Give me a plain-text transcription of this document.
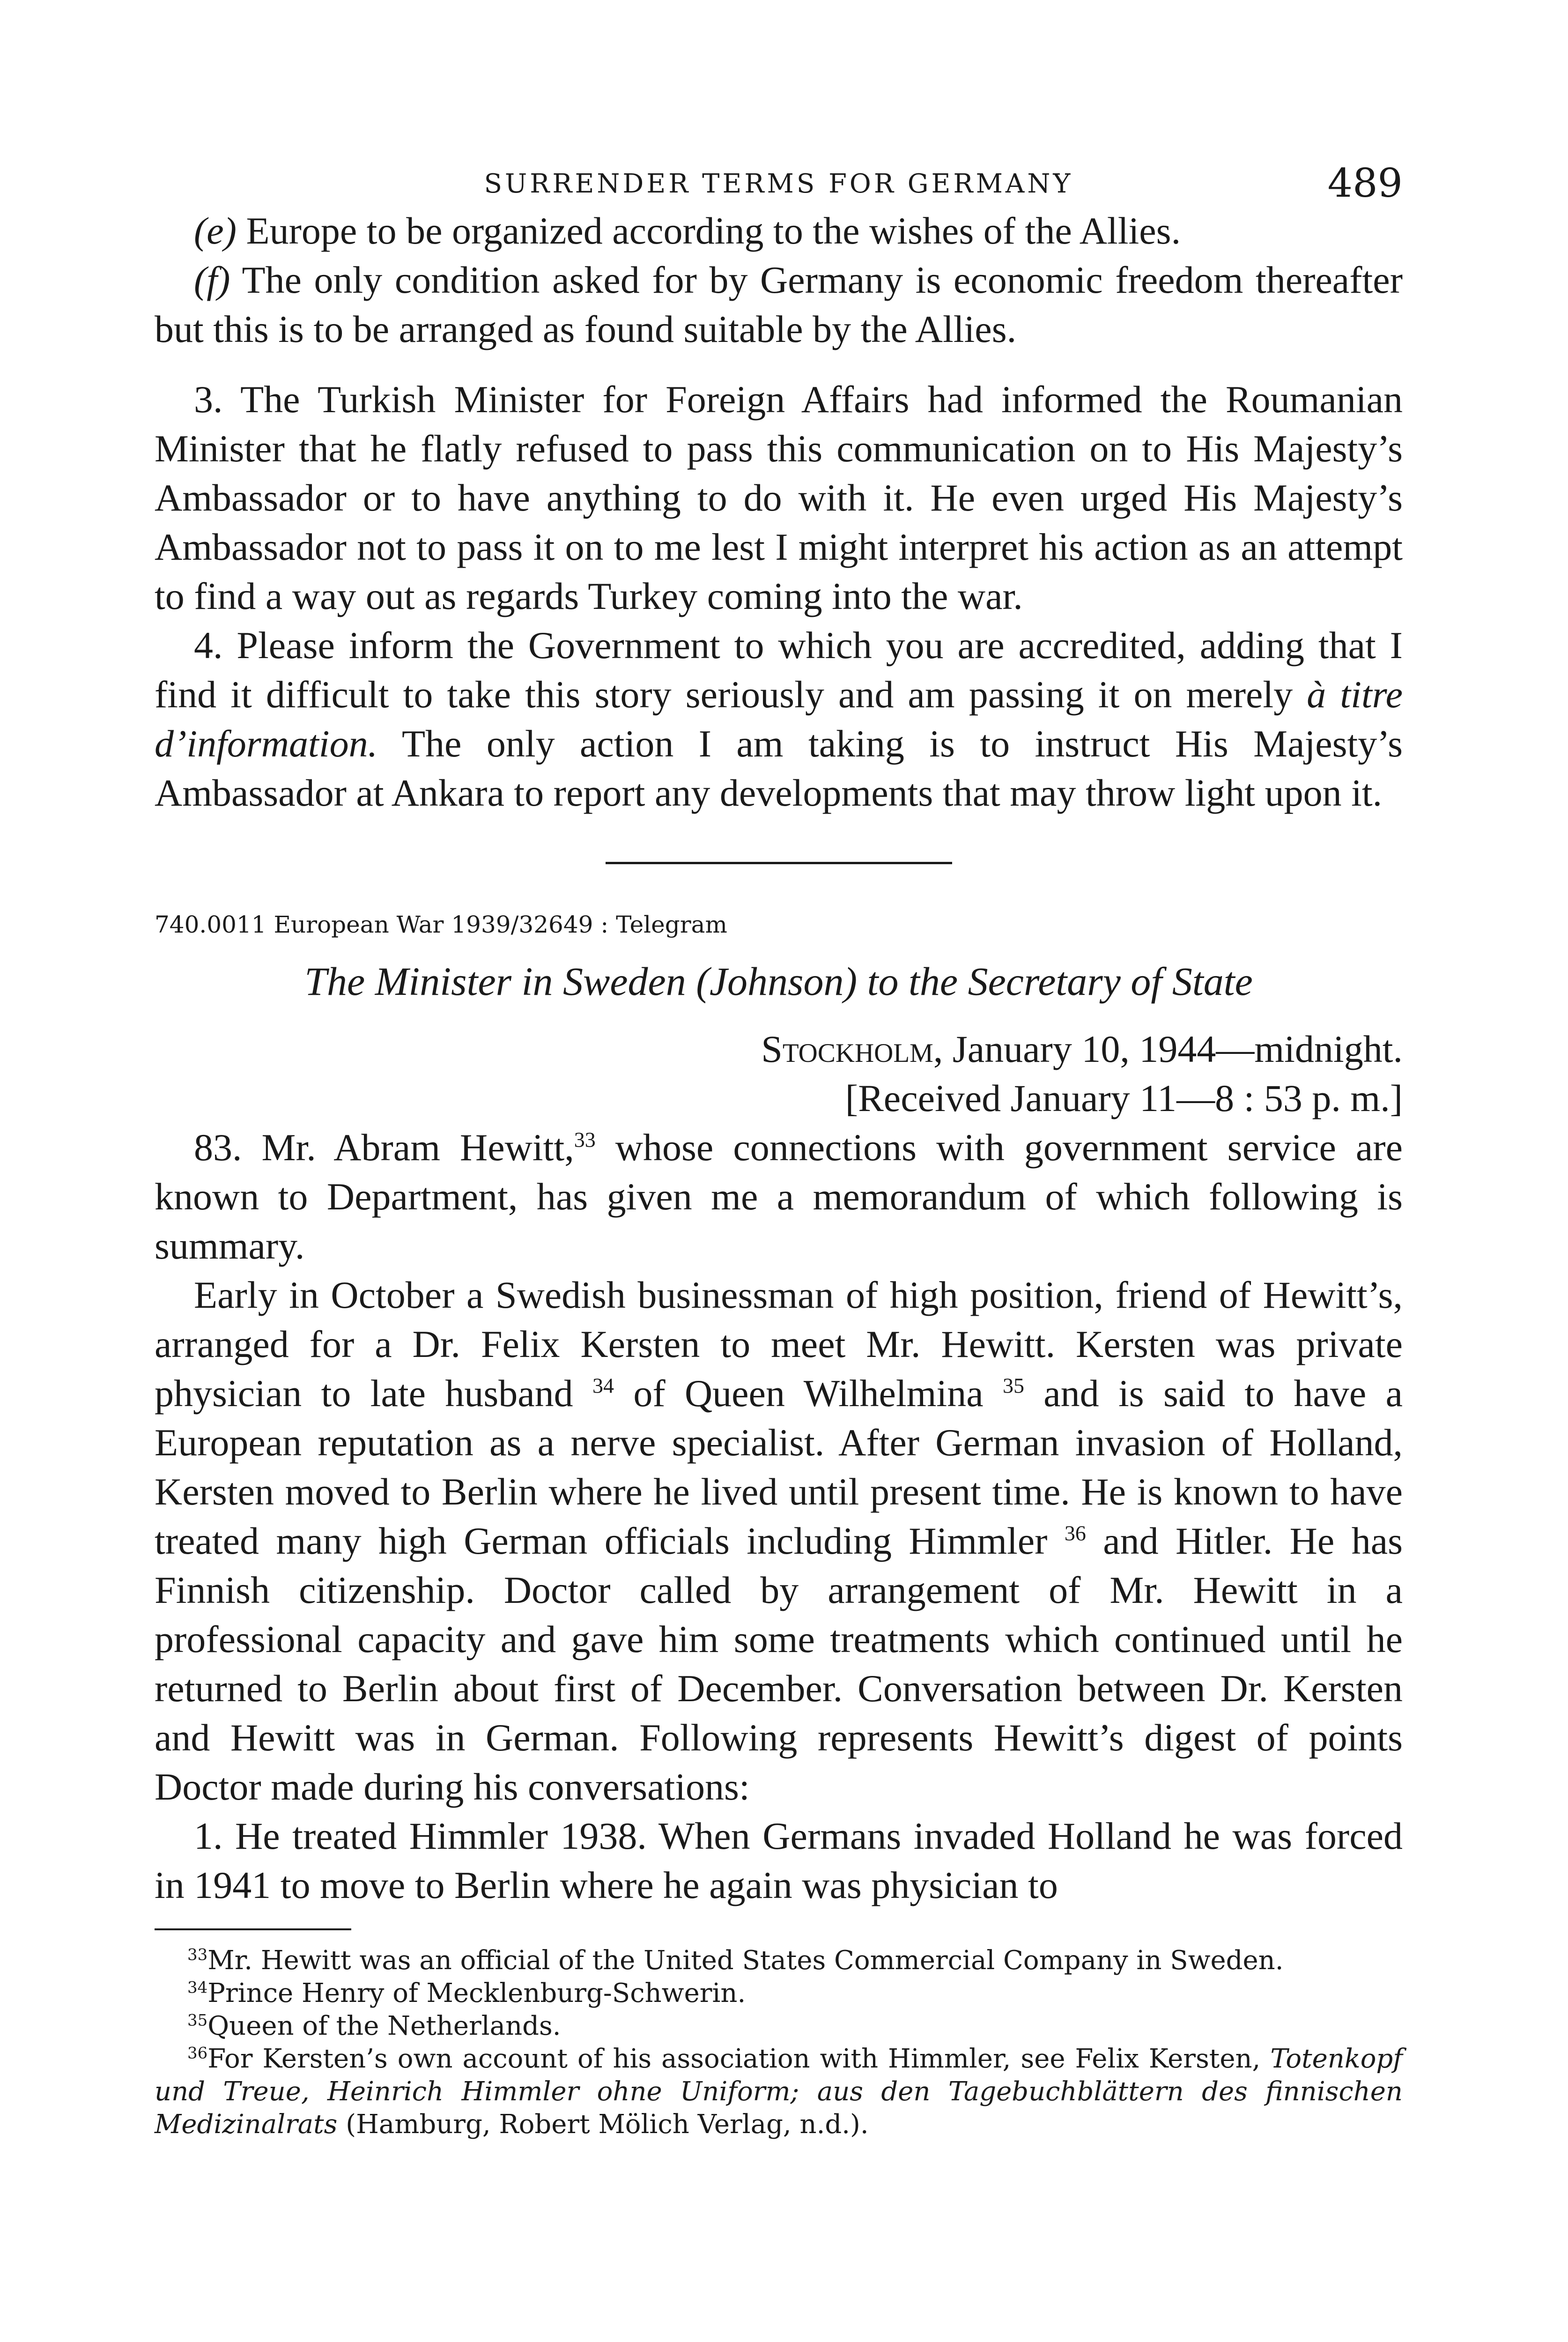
SURRENDER TERMS FOR GERMANY	489

(e) Europe to be organized according to the wishes of the Allies.

(f) The only condition asked for by Germany is economic freedom thereafter but this is to be arranged as found suitable by the Allies.

3. The Turkish Minister for Foreign Affairs had informed the Roumanian Minister that he flatly refused to pass this communication on to His Majesty’s Ambassador or to have anything to do with it. He even urged His Majesty’s Ambassador not to pass it on to me lest I might interpret his action as an attempt to find a way out as regards Turkey coming into the war.

4. Please inform the Government to which you are accredited, adding that I find it difficult to take this story seriously and am passing it on merely à titre d’information. The only action I am taking is to instruct His Majesty’s Ambassador at Ankara to report any developments that may throw light upon it.

740.0011 European War 1939/32649 : Telegram
The Minister in Sweden (Johnson) to the Secretary of State
Stockholm, January 10, 1944—midnight.
[Received January 11—8 : 53 p. m.]

83. Mr. Abram Hewitt,$^{33}$ whose connections with government service are known to Department, has given me a memorandum of which following is summary.

Early in October a Swedish businessman of high position, friend of Hewitt’s, arranged for a Dr. Felix Kersten to meet Mr. Hewitt. Kersten was private physician to late husband $^{34}$ of Queen Wilhelmina $^{35}$ and is said to have a European reputation as a nerve specialist. After German invasion of Holland, Kersten moved to Berlin where he lived until present time. He is known to have treated many high German officials including Himmler $^{36}$ and Hitler. He has Finnish citizenship. Doctor called by arrangement of Mr. Hewitt in a professional capacity and gave him some treatments which continued until he returned to Berlin about first of December. Conversation between Dr. Kersten and Hewitt was in German. Following represents Hewitt’s digest of points Doctor made during his conversations:

1. He treated Himmler 1938. When Germans invaded Holland he was forced in 1941 to move to Berlin where he again was physician to

$^{33}$Mr. Hewitt was an official of the United States Commercial Company in Sweden.

$^{34}$Prince Henry of Mecklenburg-Schwerin.

$^{35}$Queen of the Netherlands.

$^{36}$For Kersten’s own account of his association with Himmler, see Felix Kersten, Totenkopf und Treue, Heinrich Himmler ohne Uniform; aus den Tagebuchblättern des finnischen Medizinalrats (Hamburg, Robert Mölich Verlag, n.d.).
